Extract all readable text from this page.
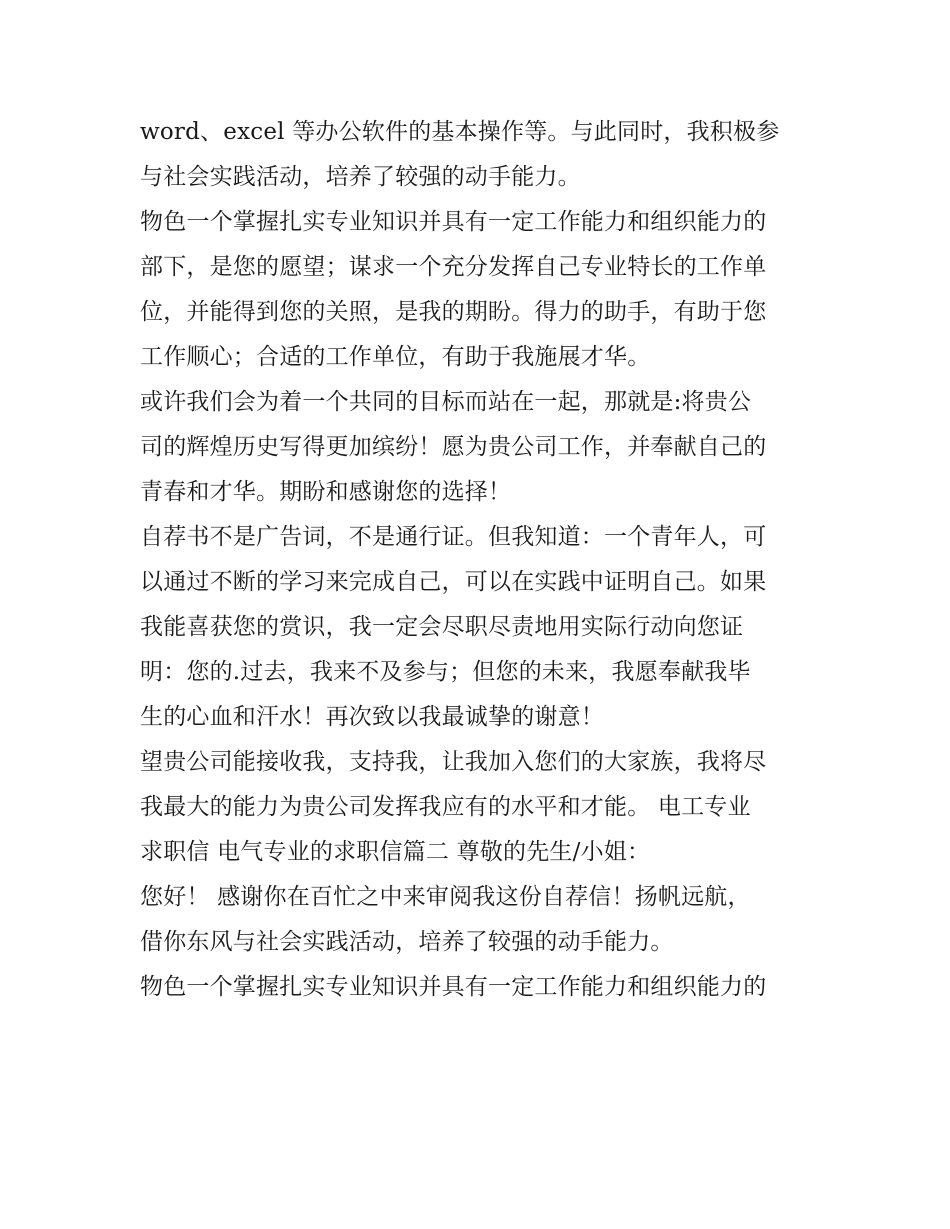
word、excel 等办公软件的基本操作等。与此同时，我积极参
与社会实践活动，培养了较强的动手能力。
物色一个掌握扎实专业知识并具有一定工作能力和组织能力的
部下，是您的愿望；谋求一个充分发挥自己专业特长的工作单
位，并能得到您的关照，是我的期盼。得力的助手，有助于您
工作顺心；合适的工作单位，有助于我施展才华。
或许我们会为着一个共同的目标而站在一起，那就是:将贵公
司的辉煌历史写得更加缤纷！愿为贵公司工作，并奉献自己的
青春和才华。期盼和感谢您的选择！
自荐书不是广告词，不是通行证。但我知道：一个青年人，可
以通过不断的学习来完成自己，可以在实践中证明自己。如果
我能喜获您的赏识，我一定会尽职尽责地用实际行动向您证
明：您的.过去，我来不及参与；但您的未来，我愿奉献我毕
生的心血和汗水！再次致以我最诚挚的谢意！
望贵公司能接收我，支持我，让我加入您们的大家族，我将尽
我最大的能力为贵公司发挥我应有的水平和才能。 电工专业
求职信 电气专业的求职信篇二 尊敬的先生/小姐：
您好！ 感谢你在百忙之中来审阅我这份自荐信！扬帆远航，
借你东风与社会实践活动，培养了较强的动手能力。
物色一个掌握扎实专业知识并具有一定工作能力和组织能力的
